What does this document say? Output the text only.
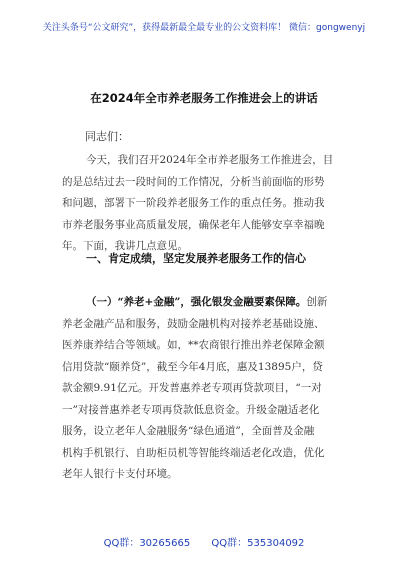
关注头条号“公文研究”，获得最新最全最专业的公文资料库！ 微信：gongwenyj
在2024年全市养老服务工作推进会上的讲话
同志们：
今天，我们召开2024年全市养老服务工作推进会，目
的是总结过去一段时间的工作情况，分析当前面临的形势
和问题，部署下一阶段养老服务工作的重点任务。推动我
市养老服务事业高质量发展，确保老年人能够安享幸福晚
年。下面，我讲几点意见。
一、肯定成绩，坚定发展养老服务工作的信心
（一）“养老+金融”，强化银发金融要素保障。创新
养老金融产品和服务，鼓励金融机构对接养老基础设施、
医养康养结合等领域。如，**农商银行推出养老保障金额
信用贷款“颐养贷”，截至今年4月底，惠及13895户，贷
款金额9.91亿元。开发普惠养老专项再贷款项目，“一对
一”对接普惠养老专项再贷款低息资金。升级金融适老化
服务，设立老年人金融服务“绿色通道”，全面普及金融
机构手机银行、自助柜员机等智能终端适老化改造，优化
老年人银行卡支付环境。
QQ群：30265665 QQ群：535304092
